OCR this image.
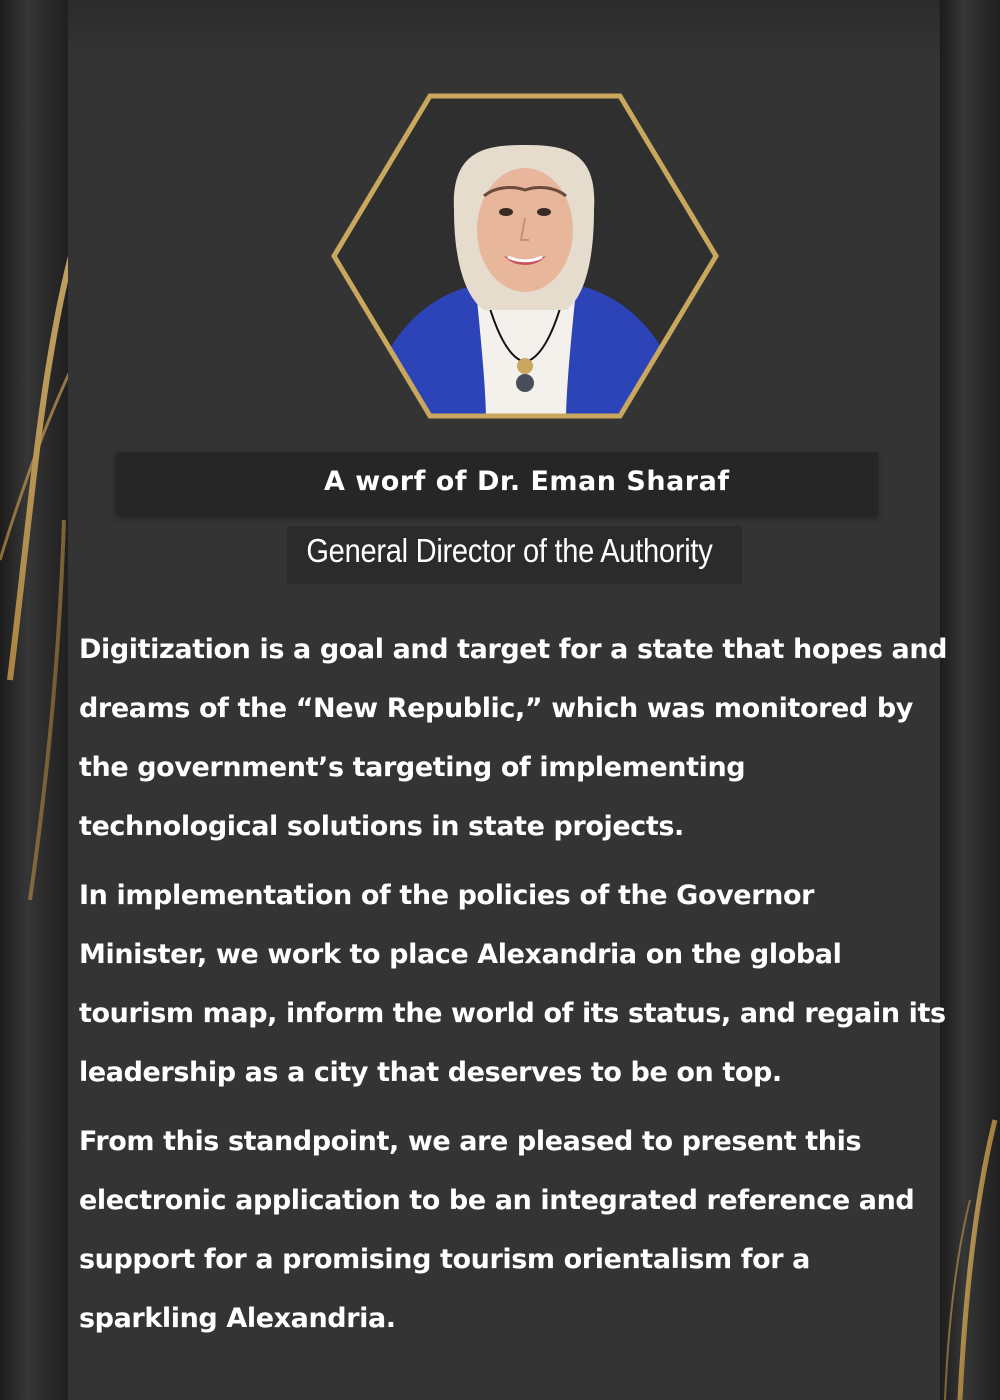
A worf of Dr. Eman Sharaf
General Director of the Authority

Digitization is a goal and target for a state that hopes and dreams of the “New Republic,” which was monitored by the government’s targeting of implementing technological solutions in state projects.

In implementation of the policies of the Governor Minister, we work to place Alexandria on the global tourism map, inform the world of its status, and regain its leadership as a city that deserves to be on top.

From this standpoint, we are pleased to present this electronic application to be an integrated reference and support for a promising tourism orientalism for a sparkling Alexandria.
